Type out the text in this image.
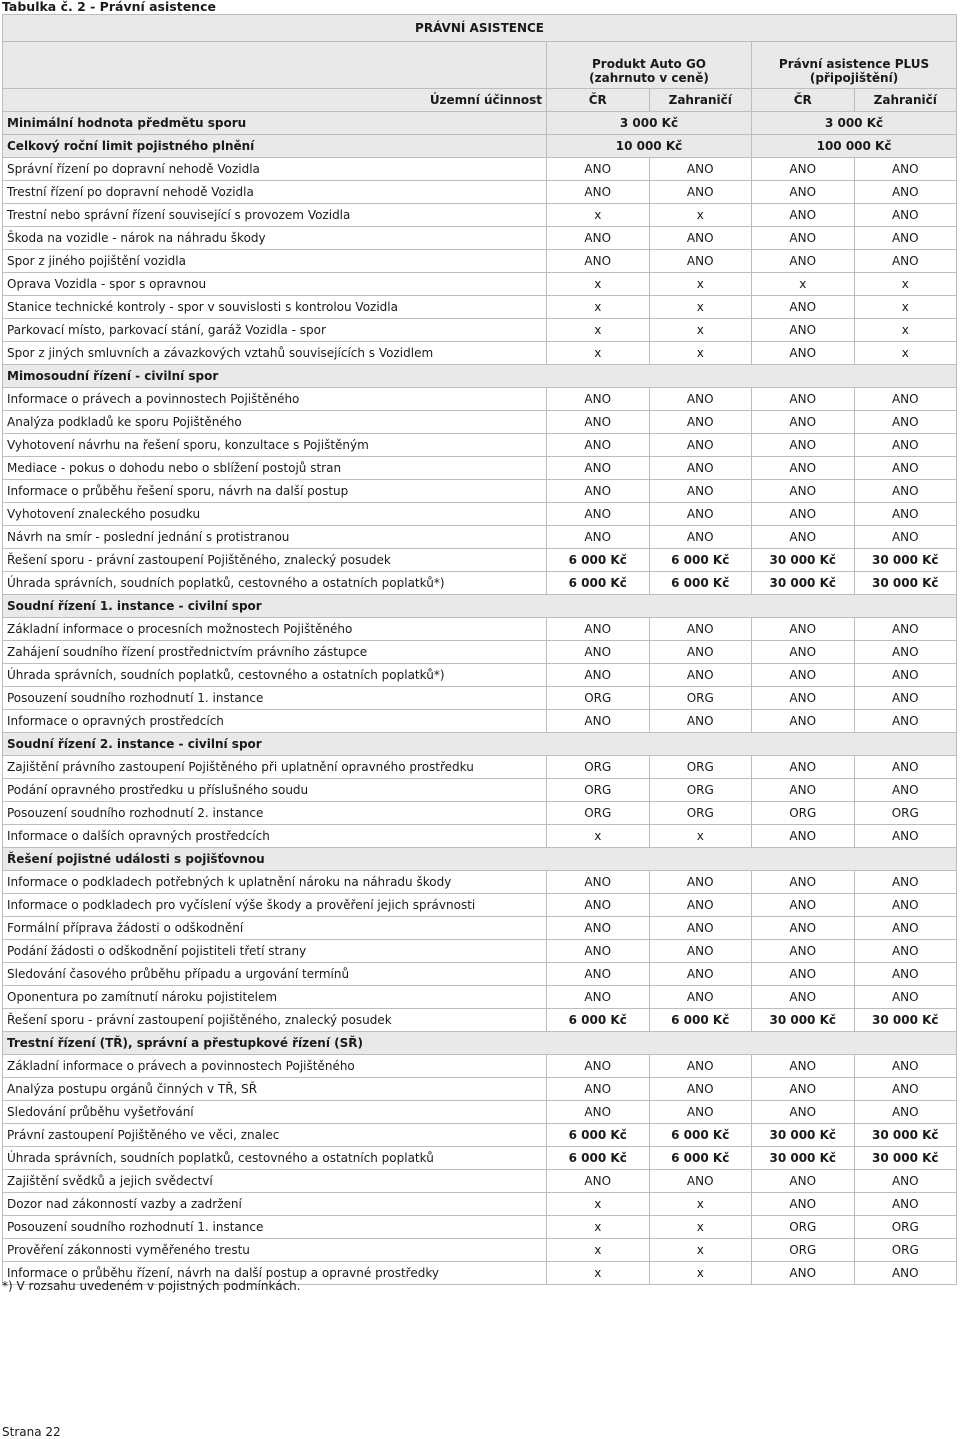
Tabulka č. 2 - Právní asistence
PRÁVNÍ ASISTENCE				

	Produkt Auto GO
(zahrnuto v ceně)		Právní asistence PLUS
(připojištění)	

Územní účinnost	ČR	Zahraničí	ČR	Zahraničí
Minimální hodnota předmětu sporu	3 000 Kč		3 000 Kč	
Celkový roční limit pojistného plnění	10 000 Kč		100 000 Kč	
Správní řízení po dopravní nehodě Vozidla	ANO	ANO	ANO	ANO
Trestní řízení po dopravní nehodě Vozidla	ANO	ANO	ANO	ANO
Trestní nebo správní řízení související s provozem Vozidla	x	x	ANO	ANO
Škoda na vozidle - nárok na náhradu škody	ANO	ANO	ANO	ANO
Spor z jiného pojištění vozidla	ANO	ANO	ANO	ANO
Oprava Vozidla - spor s opravnou	x	x	x	x
Stanice technické kontroly - spor v souvislosti s kontrolou Vozidla	x	x	ANO	x
Parkovací místo, parkovací stání, garáž Vozidla - spor	x	x	ANO	x
Spor z jiných smluvních a závazkových vztahů souvisejících s Vozidlem	x	x	ANO	x
Mimosoudní řízení - civilní spor				
Informace o právech a povinnostech Pojištěného	ANO	ANO	ANO	ANO
Analýza podkladů ke sporu Pojištěného	ANO	ANO	ANO	ANO
Vyhotovení návrhu na řešení sporu, konzultace s Pojištěným	ANO	ANO	ANO	ANO
Mediace - pokus o dohodu nebo o sblížení postojů stran	ANO	ANO	ANO	ANO
Informace o průběhu řešení sporu, návrh na další postup	ANO	ANO	ANO	ANO
Vyhotovení znaleckého posudku	ANO	ANO	ANO	ANO
Návrh na smír - poslední jednání s protistranou	ANO	ANO	ANO	ANO
Řešení sporu - právní zastoupení Pojištěného, znalecký posudek	6 000 Kč	6 000 Kč	30 000 Kč	30 000 Kč
Úhrada správních, soudních poplatků, cestovného a ostatních poplatků*)	6 000 Kč	6 000 Kč	30 000 Kč	30 000 Kč
Soudní řízení 1. instance - civilní spor				
Základní informace o procesních možnostech Pojištěného	ANO	ANO	ANO	ANO
Zahájení soudního řízení prostřednictvím právního zástupce	ANO	ANO	ANO	ANO
Úhrada správních, soudních poplatků, cestovného a ostatních poplatků*)	ANO	ANO	ANO	ANO
Posouzení soudního rozhodnutí 1. instance	ORG	ORG	ANO	ANO
Informace o opravných prostředcích	ANO	ANO	ANO	ANO
Soudní řízení 2. instance - civilní spor				
Zajištění právního zastoupení Pojištěného při uplatnění opravného prostředku	ORG	ORG	ANO	ANO
Podání opravného prostředku u příslušného soudu	ORG	ORG	ANO	ANO
Posouzení soudního rozhodnutí 2. instance	ORG	ORG	ORG	ORG
Informace o dalších opravných prostředcích	x	x	ANO	ANO
Řešení pojistné události s pojišťovnou				
Informace o podkladech potřebných k uplatnění nároku na náhradu škody	ANO	ANO	ANO	ANO
Informace o podkladech pro vyčíslení výše škody a prověření jejich správnosti	ANO	ANO	ANO	ANO
Formální příprava žádosti o odškodnění	ANO	ANO	ANO	ANO
Podání žádosti o odškodnění pojistiteli třetí strany	ANO	ANO	ANO	ANO
Sledování časového průběhu případu a urgování termínů	ANO	ANO	ANO	ANO
Oponentura po zamítnutí nároku pojistitelem	ANO	ANO	ANO	ANO
Řešení sporu - právní zastoupení pojištěného, znalecký posudek	6 000 Kč	6 000 Kč	30 000 Kč	30 000 Kč
Trestní řízení (TŘ), správní a přestupkové řízení (SŘ)				
Základní informace o právech a povinnostech Pojištěného	ANO	ANO	ANO	ANO
Analýza postupu orgánů činných v TŘ, SŘ	ANO	ANO	ANO	ANO
Sledování průběhu vyšetřování	ANO	ANO	ANO	ANO
Právní zastoupení Pojištěného ve věci, znalec	6 000 Kč	6 000 Kč	30 000 Kč	30 000 Kč
Úhrada správních, soudních poplatků, cestovného a ostatních poplatků	6 000 Kč	6 000 Kč	30 000 Kč	30 000 Kč
Zajištění svědků a jejich svědectví	ANO	ANO	ANO	ANO
Dozor nad zákonností vazby a zadržení	x	x	ANO	ANO
Posouzení soudního rozhodnutí 1. instance	x	x	ORG	ORG
Prověření zákonnosti vyměřeného trestu	x	x	ORG	ORG
Informace o průběhu řízení, návrh na další postup a opravné prostředky	x	x	ANO	ANO
*) V rozsahu uvedeném v pojistných podmínkách.
Strana 22
